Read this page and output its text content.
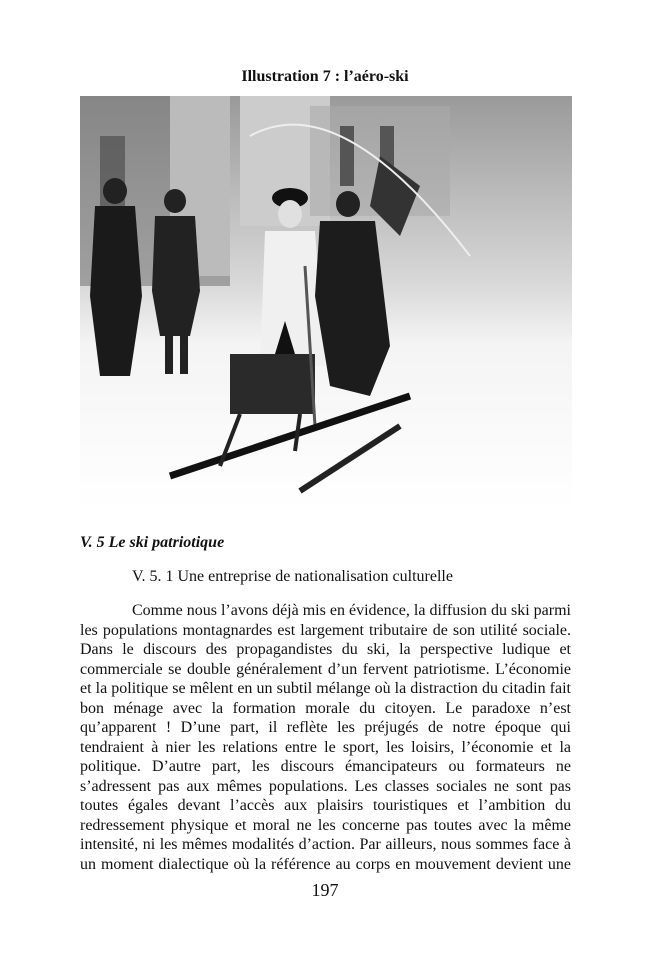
Illustration 7 : l’aéro-ski
V. 5 Le ski patriotique
V. 5. 1 Une entreprise de nationalisation culturelle
Comme nous l’avons déjà mis en évidence, la diffusion du ski parmi
les populations montagnardes est largement tributaire de son utilité sociale.
Dans le discours des propagandistes du ski, la perspective ludique et
commerciale se double généralement d’un fervent patriotisme. L’économie
et la politique se mêlent en un subtil mélange où la distraction du citadin fait
bon ménage avec la formation morale du citoyen. Le paradoxe n’est
qu’apparent ! D’une part, il reflète les préjugés de notre époque qui
tendraient à nier les relations entre le sport, les loisirs, l’économie et la
politique. D’autre part, les discours émancipateurs ou formateurs ne
s’adressent pas aux mêmes populations. Les classes sociales ne sont pas
toutes égales devant l’accès aux plaisirs touristiques et l’ambition du
redressement physique et moral ne les concerne pas toutes avec la même
intensité, ni les mêmes modalités d’action. Par ailleurs, nous sommes face à
un moment dialectique où la référence au corps en mouvement devient une
197
